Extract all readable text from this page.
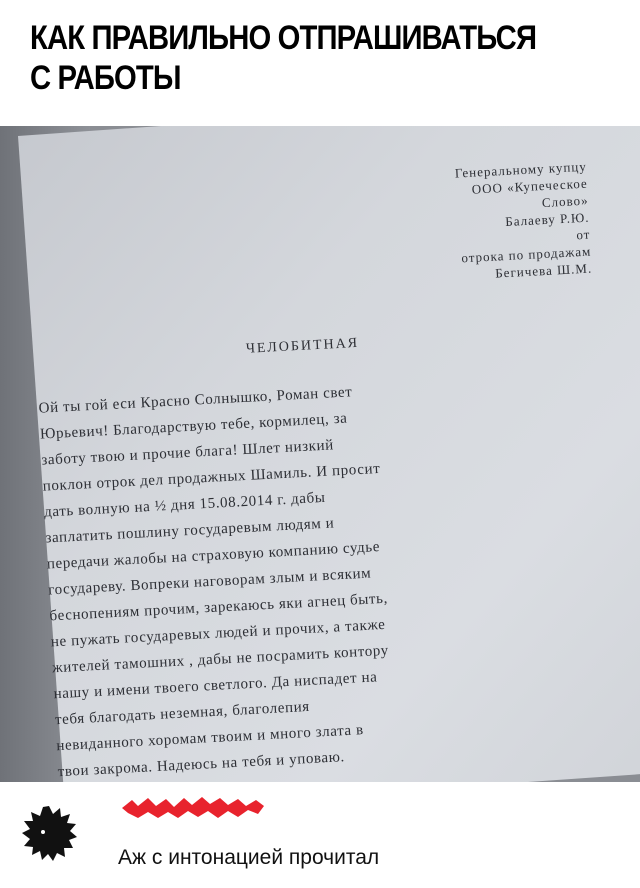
КАК ПРАВИЛЬНО ОТПРАШИВАТЬСЯ С РАБОТЫ
Генеральному купцу
ООО «Купеческое
Слово»
Балаеву Р.Ю.
от
отрока по продажам
Бегичева Ш.М.
ЧЕЛОБИТНАЯ
Ой ты гой еси Красно Солнышко, Роман свет
Юрьевич! Благодарствую тебе, кормилец, за
заботу твою и прочие блага! Шлет низкий
поклон отрок дел продажных Шамиль. И просит
дать волную на ½ дня 15.08.2014 г. дабы
заплатить пошлину государевым людям и
передачи жалобы на страховую компанию судье
государеву. Вопреки наговорам злым и всяким
беснопениям прочим, зарекаюсь яки агнец быть,
не пужать государевых людей и прочих, а также
жителей тамошних , дабы не посрамить контору
нашу и имени твоего светлого. Да ниспадет на
тебя благодать неземная, благолепия
невиданного хоромам твоим и много злата в
твои закрома. Надеюсь на тебя и уповаю.
Аж с интонацией прочитал
